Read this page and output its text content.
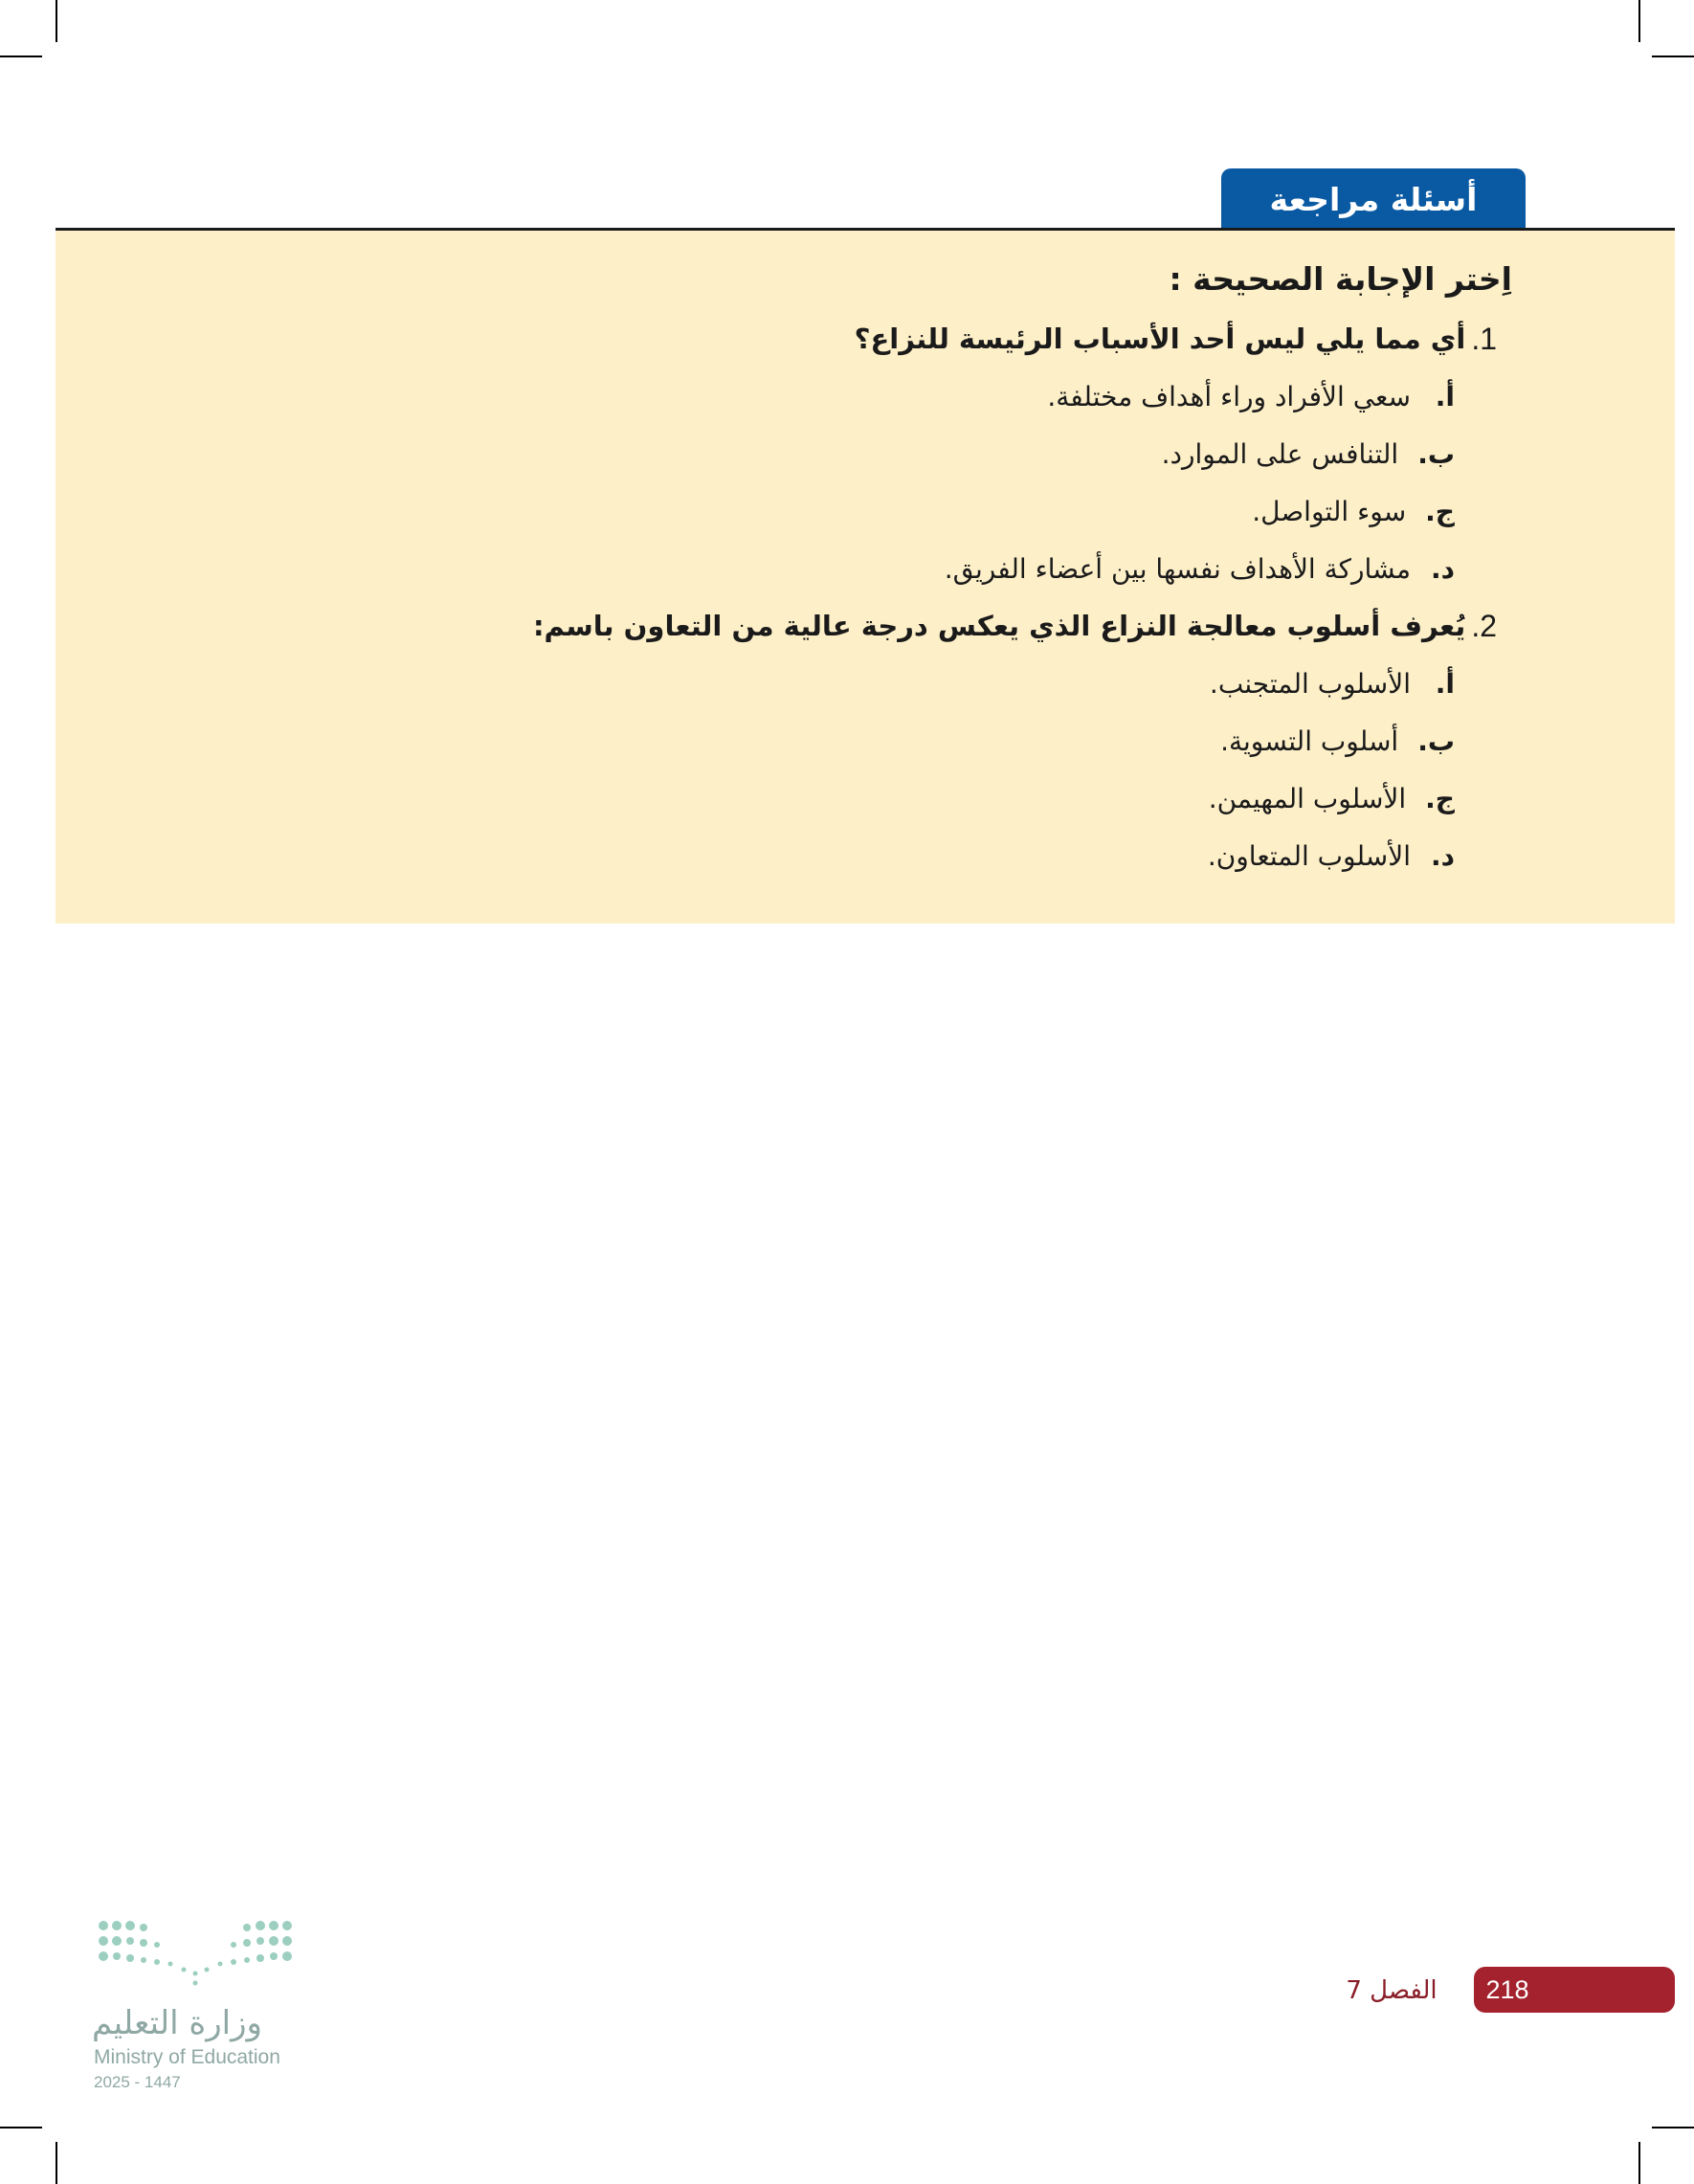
أسئلة مراجعة
اِختر الإجابة الصحيحة :
1.
أي مما يلي ليس أحد الأسباب الرئيسة للنزاع؟
أ.
سعي الأفراد وراء أهداف مختلفة.
ب.
التنافس على الموارد.
ج.
سوء التواصل.
د.
مشاركة الأهداف نفسها بين أعضاء الفريق.
2.
يُعرف أسلوب معالجة النزاع الذي يعكس درجة عالية من التعاون باسم:
أ.
الأسلوب المتجنب.
ب.
أسلوب التسوية.
ج.
الأسلوب المهيمن.
د.
الأسلوب المتعاون.
218
الفصل 7
وزارة التعليم
Ministry of Education
2025 - 1447
